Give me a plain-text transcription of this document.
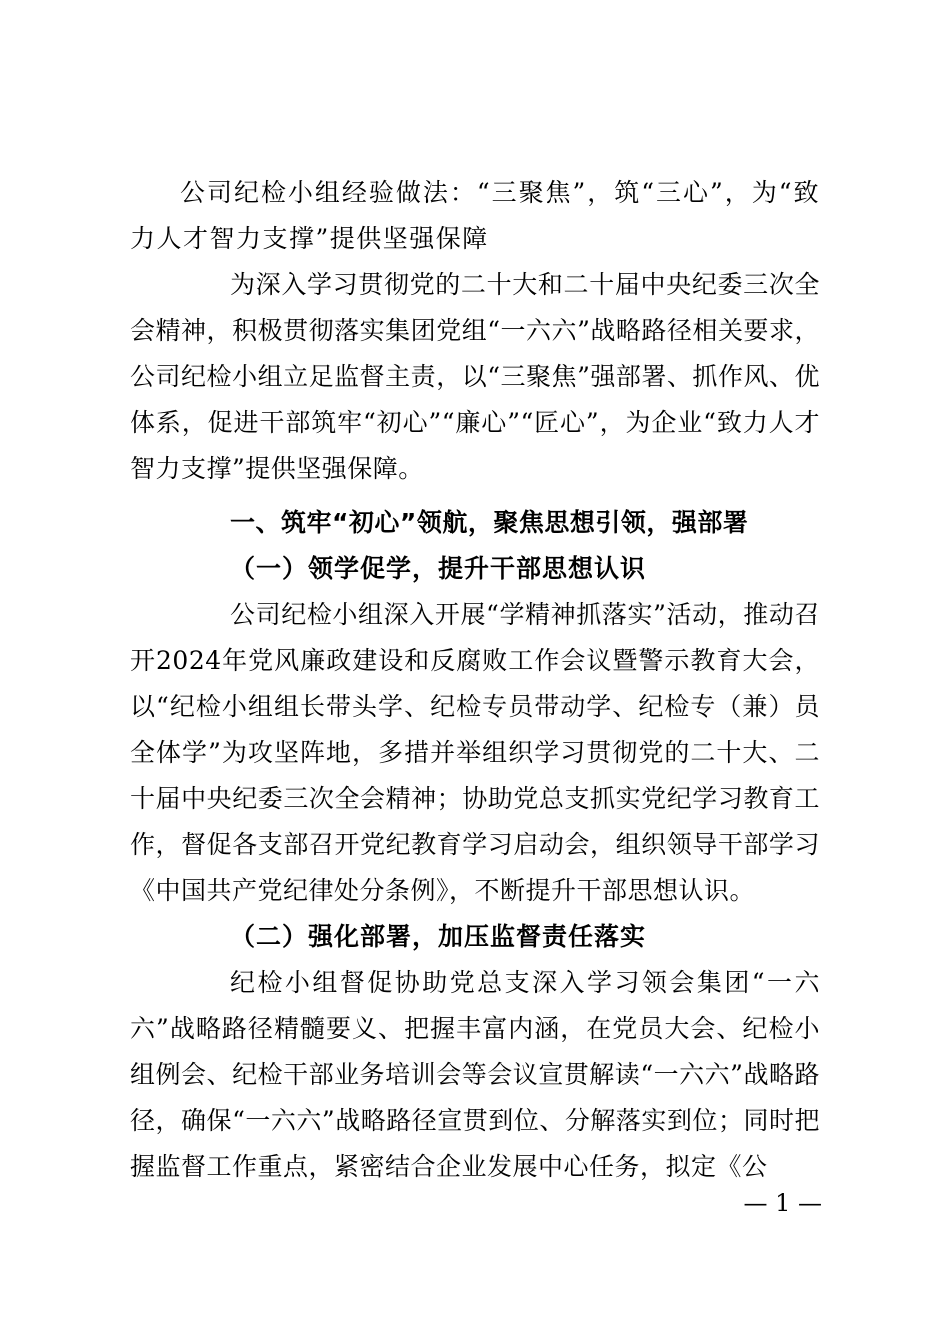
公司纪检小组经验做法：“三聚焦”，筑“三心”，为“致力人才智力支撑”提供坚强保障

为深入学习贯彻党的二十大和二十届中央纪委三次全会精神，积极贯彻落实集团党组“一六六”战略路径相关要求，公司纪检小组立足监督主责，以“三聚焦”强部署、抓作风、优体系，促进干部筑牢“初心”“廉心”“匠心”，为企业“致力人才智力支撑”提供坚强保障。

一、筑牢“初心”领航，聚焦思想引领，强部署

（一）领学促学，提升干部思想认识

公司纪检小组深入开展“学精神抓落实”活动，推动召开2024年党风廉政建设和反腐败工作会议暨警示教育大会，以“纪检小组组长带头学、纪检专员带动学、纪检专（兼）员全体学”为攻坚阵地，多措并举组织学习贯彻党的二十大、二十届中央纪委三次全会精神；协助党总支抓实党纪学习教育工作，督促各支部召开党纪教育学习启动会，组织领导干部学习《中国共产党纪律处分条例》，不断提升干部思想认识。

（二）强化部署，加压监督责任落实

纪检小组督促协助党总支深入学习领会集团“一六六”战略路径精髓要义、把握丰富内涵，在党员大会、纪检小组例会、纪检干部业务培训会等会议宣贯解读“一六六”战略路径，确保“一六六”战略路径宣贯到位、分解落实到位；同时把握监督工作重点，紧密结合企业发展中心任务，拟定《公

— 1 —
